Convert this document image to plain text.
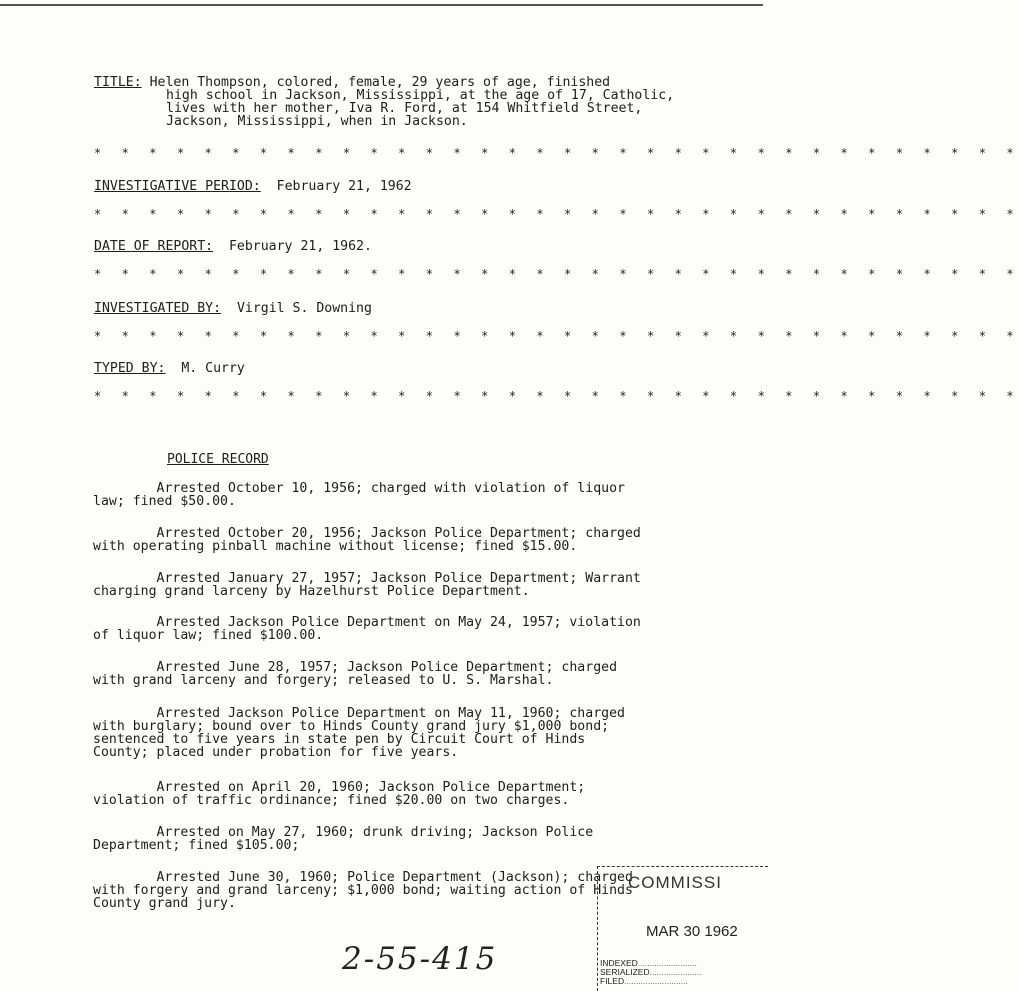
TITLE: Helen Thompson, colored, female, 29 years of age, finished
high school in Jackson, Mississippi, at the age of 17, Catholic,
lives with her mother, Iva R. Ford, at 154 Whitfield Street,
Jackson, Mississippi, when in Jackson.
* * * * * * * * * * * * * * * * * * * * * * * * * * * * * * * * * *
INVESTIGATIVE PERIOD: February 21, 1962
* * * * * * * * * * * * * * * * * * * * * * * * * * * * * * * * * *
DATE OF REPORT: February 21, 1962.
* * * * * * * * * * * * * * * * * * * * * * * * * * * * * * * * * *
INVESTIGATED BY: Virgil S. Downing
* * * * * * * * * * * * * * * * * * * * * * * * * * * * * * * * * *
TYPED BY: M. Curry
* * * * * * * * * * * * * * * * * * * * * * * * * * * * * * * * * *
POLICE RECORD
Arrested October 10, 1956; charged with violation of liquor
law; fined $50.00.
Arrested October 20, 1956; Jackson Police Department; charged
with operating pinball machine without license; fined $15.00.
Arrested January 27, 1957; Jackson Police Department; Warrant
charging grand larceny by Hazelhurst Police Department.
Arrested Jackson Police Department on May 24, 1957; violation
of liquor law; fined $100.00.
Arrested June 28, 1957; Jackson Police Department; charged
with grand larceny and forgery; released to U. S. Marshal.
Arrested Jackson Police Department on May 11, 1960; charged
with burglary; bound over to Hinds County grand jury $1,000 bond;
sentenced to five years in state pen by Circuit Court of Hinds
County; placed under probation for five years.
Arrested on April 20, 1960; Jackson Police Department;
violation of traffic ordinance; fined $20.00 on two charges.
Arrested on May 27, 1960; drunk driving; Jackson Police
Department; fined $105.00;
Arrested June 30, 1960; Police Department (Jackson); charged
with forgery and grand larceny; $1,000 bond; waiting action of Hinds
County grand jury.
COMMISSI
MAR 30 1962
INDEXED.........................
SERIALIZED......................
FILED...........................
2-55-415
